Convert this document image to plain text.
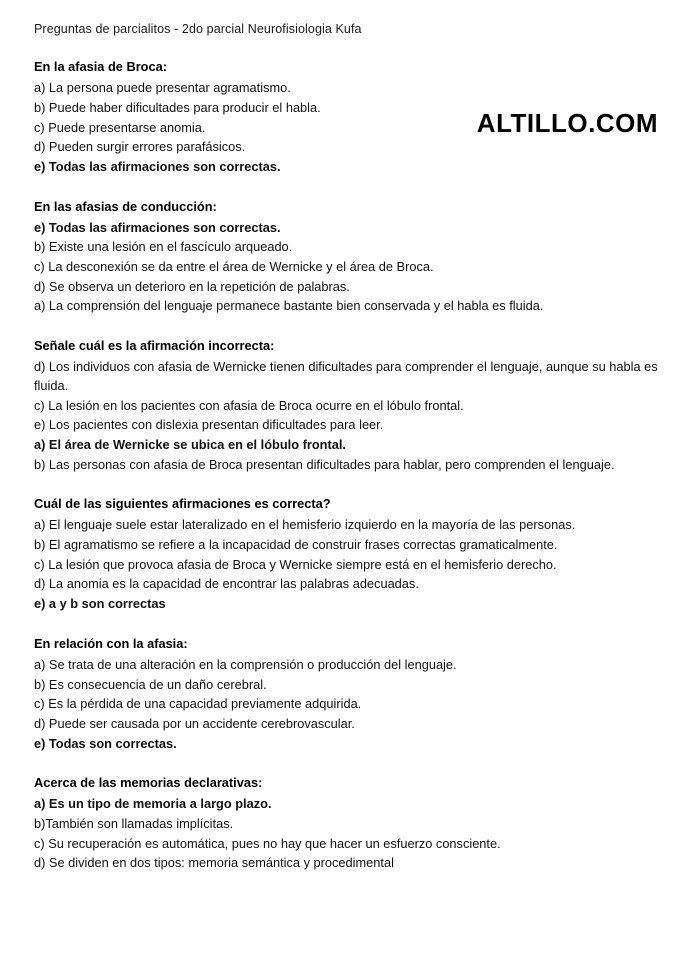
Preguntas de parcialitos - 2do parcial Neurofisiologia Kufa
ALTILLO.COM
En la afasia de Broca:
a) La persona puede presentar agramatismo.
b) Puede haber dificultades para producir el habla.
c) Puede presentarse anomia.
d) Pueden surgir errores parafásicos.
e) Todas las afirmaciones son correctas.
En las afasias de conducción:
e) Todas las afirmaciones son correctas.
b) Existe una lesión en el fascículo arqueado.
c) La desconexión se da entre el área de Wernicke y el área de Broca.
d) Se observa un deterioro en la repetición de palabras.
a) La comprensión del lenguaje permanece bastante bien conservada y el habla es fluida.
Señale cuál es la afirmación incorrecta:
d) Los individuos con afasia de Wernicke tienen dificultades para comprender el lenguaje, aunque su habla es fluida.
c) La lesión en los pacientes con afasia de Broca ocurre en el lóbulo frontal.
e) Los pacientes con dislexia presentan dificultades para leer.
a) El área de Wernicke se ubica en el lóbulo frontal.
b) Las personas con afasia de Broca presentan dificultades para hablar, pero comprenden el lenguaje.
Cuál de las siguientes afirmaciones es correcta?
a) El lenguaje suele estar lateralizado en el hemisferio izquierdo en la mayoría de las personas.
b) El agramatismo se refiere a la incapacidad de construir frases correctas gramaticalmente.
c) La lesión que provoca afasia de Broca y Wernicke siempre está en el hemisferio derecho.
d) La anomia es la capacidad de encontrar las palabras adecuadas.
e) a y b son correctas
En relación con la afasia:
a) Se trata de una alteración en la comprensión o producción del lenguaje.
b) Es consecuencia de un daño cerebral.
c) Es la pérdida de una capacidad previamente adquirida.
d) Puede ser causada por un accidente cerebrovascular.
e) Todas son correctas.
Acerca de las memorias declarativas:
a) Es un tipo de memoria a largo plazo.
b)También son llamadas implícitas.
c) Su recuperación es automática, pues no hay que hacer un esfuerzo consciente.
d) Se dividen en dos tipos: memoria semántica y procedimental
